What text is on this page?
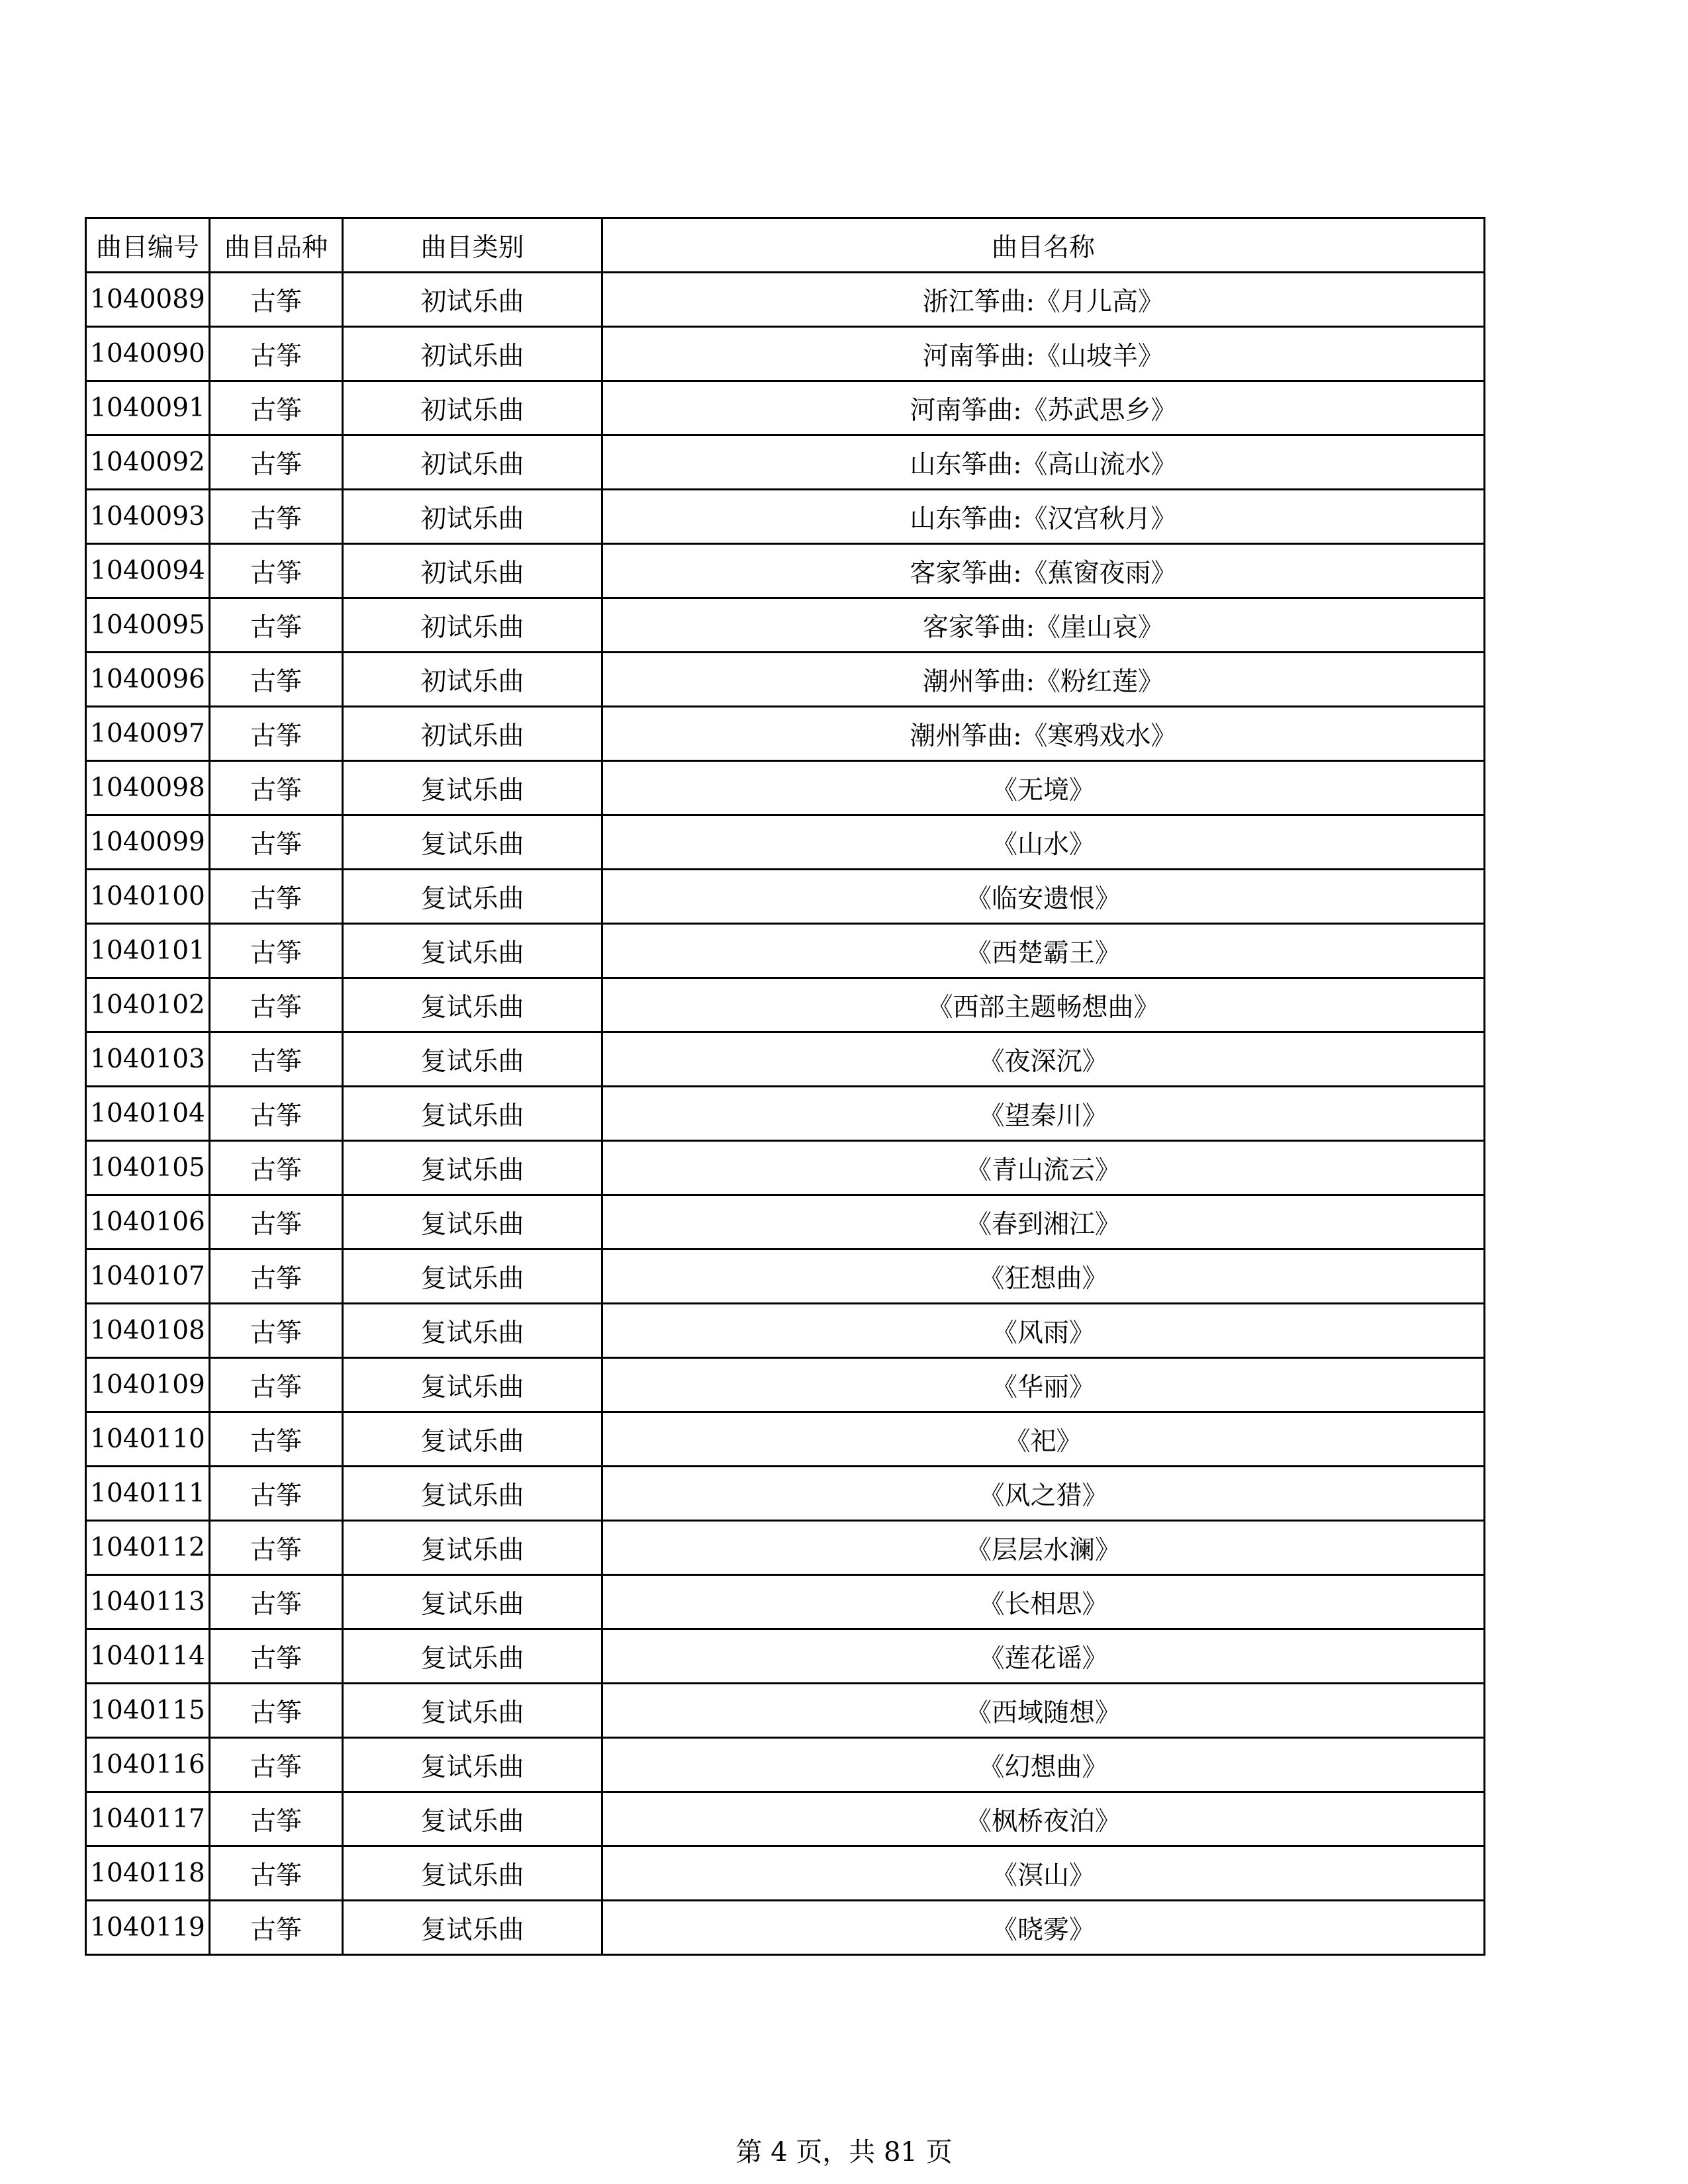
曲目编号	曲目品种	曲目类别	曲目名称
1040089	古筝	初试乐曲	浙江筝曲:《月儿高》
1040090	古筝	初试乐曲	河南筝曲:《山坡羊》
1040091	古筝	初试乐曲	河南筝曲:《苏武思乡》
1040092	古筝	初试乐曲	山东筝曲:《高山流水》
1040093	古筝	初试乐曲	山东筝曲:《汉宫秋月》
1040094	古筝	初试乐曲	客家筝曲:《蕉窗夜雨》
1040095	古筝	初试乐曲	客家筝曲:《崖山哀》
1040096	古筝	初试乐曲	潮州筝曲:《粉红莲》
1040097	古筝	初试乐曲	潮州筝曲:《寒鸦戏水》
1040098	古筝	复试乐曲	《无境》
1040099	古筝	复试乐曲	《山水》
1040100	古筝	复试乐曲	《临安遗恨》
1040101	古筝	复试乐曲	《西楚霸王》
1040102	古筝	复试乐曲	《西部主题畅想曲》
1040103	古筝	复试乐曲	《夜深沉》
1040104	古筝	复试乐曲	《望秦川》
1040105	古筝	复试乐曲	《青山流云》
1040106	古筝	复试乐曲	《春到湘江》
1040107	古筝	复试乐曲	《狂想曲》
1040108	古筝	复试乐曲	《风雨》
1040109	古筝	复试乐曲	《华丽》
1040110	古筝	复试乐曲	《祀》
1040111	古筝	复试乐曲	《风之猎》
1040112	古筝	复试乐曲	《层层水澜》
1040113	古筝	复试乐曲	《长相思》
1040114	古筝	复试乐曲	《莲花谣》
1040115	古筝	复试乐曲	《西域随想》
1040116	古筝	复试乐曲	《幻想曲》
1040117	古筝	复试乐曲	《枫桥夜泊》
1040118	古筝	复试乐曲	《溟山》
1040119	古筝	复试乐曲	《晓雾》
第 4 页，共 81 页
